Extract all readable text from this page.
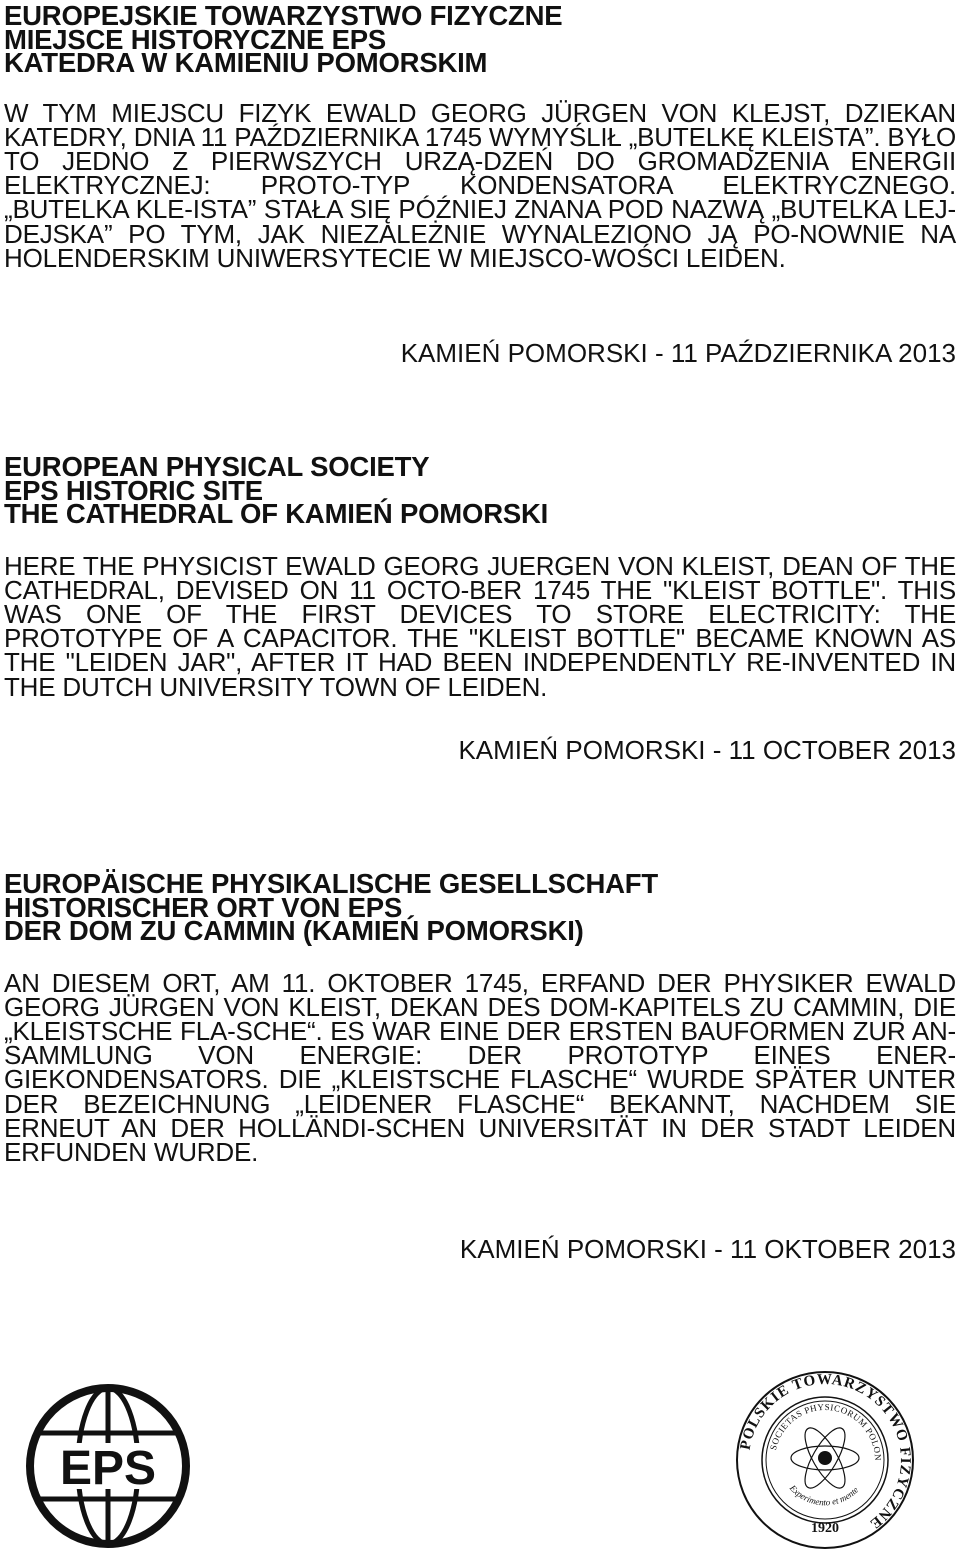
EUROPEJSKIE TOWARZYSTWO FIZYCZNE
MIEJSCE HISTORYCZNE EPS
KATEDRA W KAMIENIU POMORSKIM

W TYM MIEJSCU FIZYK EWALD GEORG JÜRGEN VON KLEJST, DZIEKAN KATEDRY, DNIA 11 PAŹDZIERNIKA 1745 WYMYŚLIŁ „BUTELKĘ KLEISTA”. BYŁO TO JEDNO Z PIERWSZYCH URZĄ-DZEŃ DO GROMADZENIA ENERGII ELEKTRYCZNEJ: PROTO-TYP KONDENSATORA ELEKTRYCZNEGO. „BUTELKA KLE-ISTA” STAŁA SIĘ PÓŹNIEJ ZNANA POD NAZWĄ „BUTELKA LEJ-DEJSKA” PO TYM, JAK NIEZALEŻNIE WYNALEZIONO JĄ PO-NOWNIE NA HOLENDERSKIM UNIWERSYTECIE W MIEJSCO-WOŚCI LEIDEN.

KAMIEŃ POMORSKI - 11 PAŹDZIERNIKA 2013
EUROPEAN PHYSICAL SOCIETY
EPS HISTORIC SITE
THE CATHEDRAL OF KAMIEŃ POMORSKI

HERE THE PHYSICIST EWALD GEORG JUERGEN VON KLEIST, DEAN OF THE CATHEDRAL, DEVISED ON 11 OCTO-BER 1745 THE "KLEIST BOTTLE". THIS WAS ONE OF THE FIRST DEVICES TO STORE ELECTRICITY: THE PROTOTYPE OF A CAPACITOR. THE "KLEIST BOTTLE" BECAME KNOWN AS THE "LEIDEN JAR", AFTER IT HAD BEEN INDEPENDENTLY RE-INVENTED IN THE DUTCH UNIVERSITY TOWN OF LEIDEN.

KAMIEŃ POMORSKI - 11 OCTOBER 2013
EUROPÄISCHE PHYSIKALISCHE GESELLSCHAFT
HISTORISCHER ORT VON EPS
DER DOM ZU CAMMIN (KAMIEŃ POMORSKI)

AN DIESEM ORT, AM 11. OKTOBER 1745, ERFAND DER PHYSIKER EWALD GEORG JÜRGEN VON KLEIST, DEKAN DES DOM-KAPITELS ZU CAMMIN, DIE „KLEISTSCHE FLA-SCHE“. ES WAR EINE DER ERSTEN BAUFORMEN ZUR AN-SAMMLUNG VON ENERGIE: DER PROTOTYP EINES ENER-GIEKONDENSATORS. DIE „KLEISTSCHE FLASCHE“ WURDE SPÄTER UNTER DER BEZEICHNUNG „LEIDENER FLASCHE“ BEKANNT, NACHDEM SIE ERNEUT AN DER HOLLÄNDI-SCHEN UNIVERSITÄT IN DER STADT LEIDEN ERFUNDEN WURDE.

KAMIEŃ POMORSKI - 11 OKTOBER 2013
EPS	POLSKIE TOWARZYSTWO FIZYCZNE
SOCIETAS PHYSICORUM POLON
Experimento et mente
1920
